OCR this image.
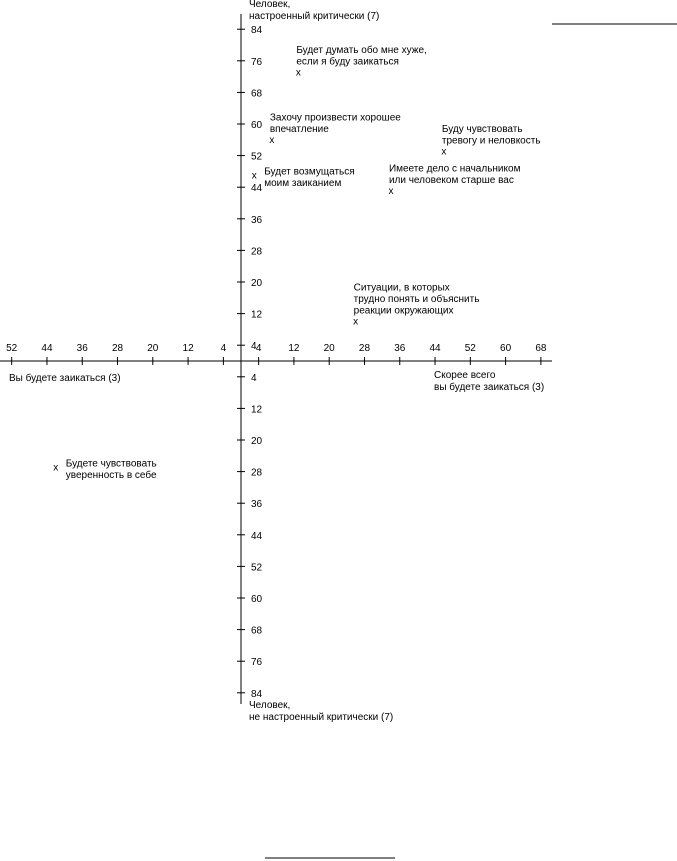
52 44 36 28 20 12	4	4	12 20 28 36 44 52 60 68
84
76
68
60
52
44
36
28
20
12
4
4
12
20
28
36
44
52
60
68
76
84
Человек, настроенный критически (7)
Человек, не настроенный критически (7)
Вы будете заикаться (3)	Скорее всего вы будете заикаться (3)
x
Будет думать обо мне хуже, если я буду заикаться
x
Захочу произвести хорошее впечатление
x
Буду чувствовать тревогу и неловкость
x Будет возмущаться моим заиканием
x
Имеете дело с начальником или человеком старше вас
x
Ситуации, в которых трудно понять и объяснить реакции окружающих
x Будете чувствовать уверенность в себе
